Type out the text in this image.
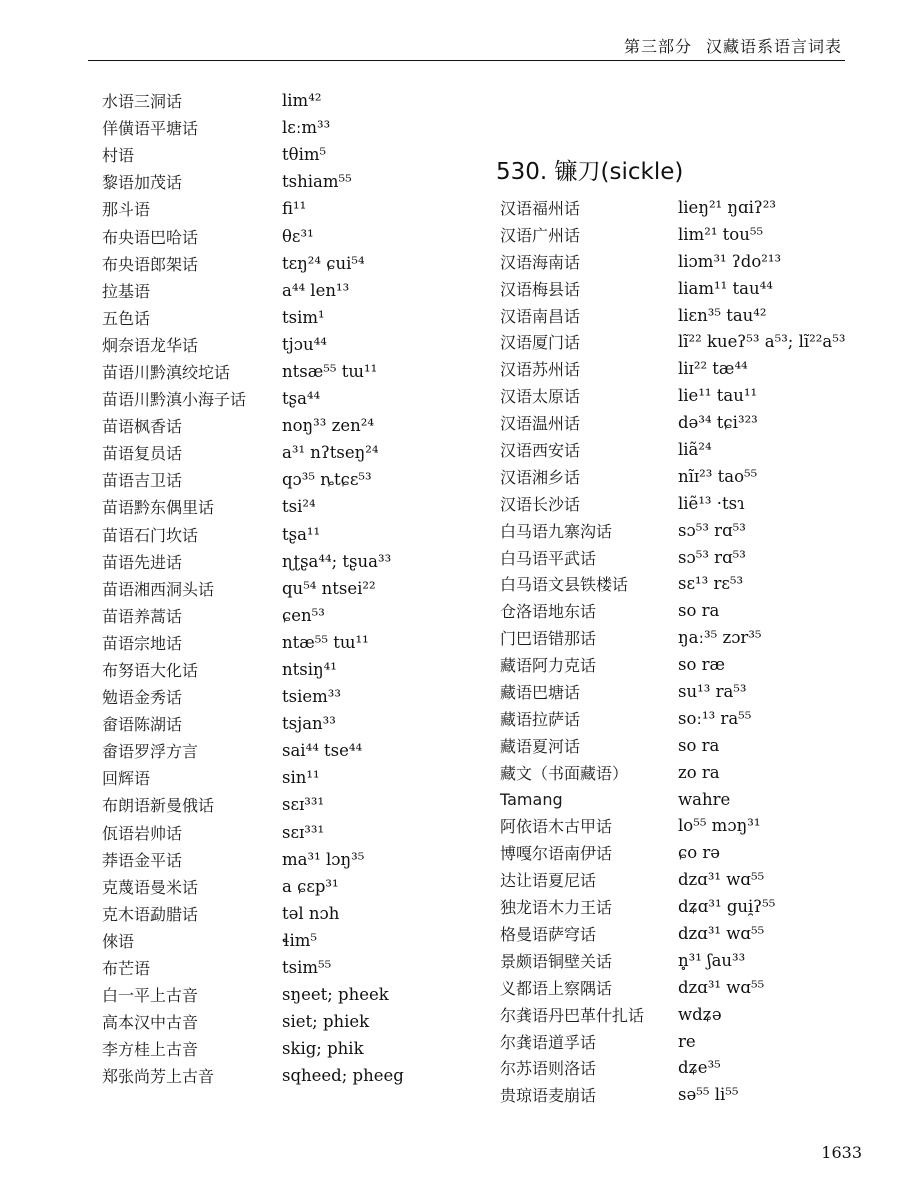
第三部分 汉藏语系语言词表
水语三洞话	lim⁴²
佯僙语平塘话	lɛːm³³
村语	tθim⁵
黎语加茂话	tshiam⁵⁵
那斗语	fi¹¹
布央语巴哈话	θɛ³¹
布央语郎架话	tɛŋ²⁴ ɕui⁵⁴
拉基语	a⁴⁴ len¹³
五色话	tsim¹
炯奈语龙华话	tjɔu⁴⁴
苗语川黔滇绞坨话	ntsæ⁵⁵ tɯ¹¹
苗语川黔滇小海子话	tʂa⁴⁴
苗语枫香话	noŋ³³ zen²⁴
苗语复员话	a³¹ nʔtseŋ²⁴
苗语吉卫话	qɔ³⁵ ȵtɕɛ⁵³
苗语黔东偶里话	tsi²⁴
苗语石门坎话	tʂa¹¹
苗语先进话	ɳʈʂa⁴⁴; tʂua³³
苗语湘西洞头话	qu⁵⁴ ntsei²²
苗语养蒿话	ɕen⁵³
苗语宗地话	ntæ⁵⁵ tɯ¹¹
布努语大化话	ntsiŋ⁴¹
勉语金秀话	tsiem³³
畲语陈湖话	tsjan³³
畲语罗浮方言	sai⁴⁴ tse⁴⁴
回辉语	sin¹¹
布朗语新曼俄话	sɛɪ³³¹
佤语岩帅话	sɛɪ³³¹
莽语金平话	ma³¹ lɔŋ³⁵
克蔑语曼米话	a ɕɛp³¹
克木语勐腊话	təl nɔh
倈语	ɬim⁵
布芒语	tsim⁵⁵
白一平上古音	sŋeet; pheek
高本汉中古音	siet; phiek
李方桂上古音	skig; phik
郑张尚芳上古音	sqheed; pheeg
530. 镰刀(sickle)
汉语福州话	lieŋ²¹ ŋɑiʔ²³
汉语广州话	lim²¹ tou⁵⁵
汉语海南话	liɔm³¹ ʔdo²¹³
汉语梅县话	liam¹¹ tau⁴⁴
汉语南昌话	liɛn³⁵ tau⁴²
汉语厦门话	lĩ²² kueʔ⁵³ a⁵³; lĩ²²a⁵³
汉语苏州话	liɪ²² tæ⁴⁴
汉语太原话	lie¹¹ tau¹¹
汉语温州话	də³⁴ tɕi³²³
汉语西安话	liã²⁴
汉语湘乡话	nĩɪ²³ tao⁵⁵
汉语长沙话	liẽ¹³ ·tsɿ
白马语九寨沟话	sɔ⁵³ rɑ⁵³
白马语平武话	sɔ⁵³ rɑ⁵³
白马语文县铁楼话	sɛ¹³ rɛ⁵³
仓洛语地东话	so ra
门巴语错那话	ŋaː³⁵ zɔr³⁵
藏语阿力克话	so ræ
藏语巴塘话	su¹³ ra⁵³
藏语拉萨话	soː¹³ ra⁵⁵
藏语夏河话	so ra
藏文（书面藏语）	zo ra
Tamang	wahre
阿依语木古甲话	lo⁵⁵ mɔŋ³¹
博嘎尔语南伊话	ɕo rə
达让语夏尼话	dzɑ³¹ wɑ⁵⁵
独龙语木力王话	dʑɑ³¹ gui̯ʔ⁵⁵
格曼语萨穹话	dzɑ³¹ wɑ⁵⁵
景颇语铜壁关话	n̥³¹ ʃau³³
义都语上察隅话	dzɑ³¹ wɑ⁵⁵
尔龚语丹巴革什扎话	wdʑə
尔龚语道孚话	re
尔苏语则洛话	dʑe³⁵
贵琼语麦崩话	sə⁵⁵ li⁵⁵
1633
